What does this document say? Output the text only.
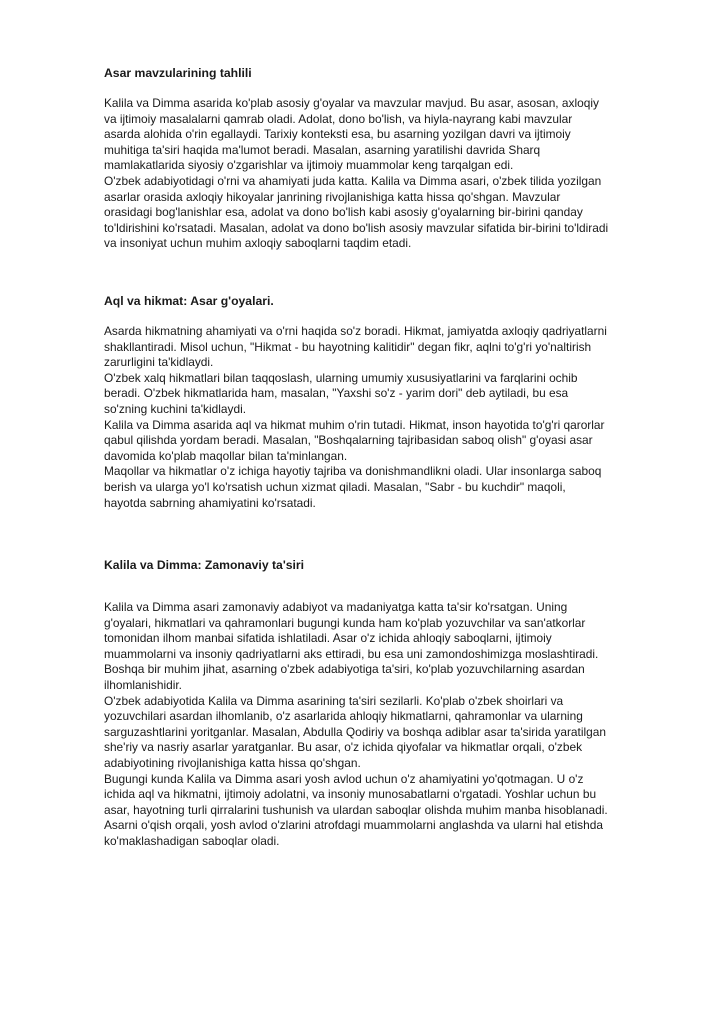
Asar mavzularining tahlili

Kalila va Dimma asarida ko'plab asosiy g'oyalar va mavzular mavjud. Bu asar, asosan, axloqiy
va ijtimoiy masalalarni qamrab oladi. Adolat, dono bo'lish, va hiyla-nayrang kabi mavzular
asarda alohida o'rin egallaydi. Tarixiy konteksti esa, bu asarning yozilgan davri va ijtimoiy
muhitiga ta'siri haqida ma'lumot beradi. Masalan, asarning yaratilishi davrida Sharq
mamlakatlarida siyosiy o'zgarishlar va ijtimoiy muammolar keng tarqalgan edi.
O'zbek adabiyotidagi o'rni va ahamiyati juda katta. Kalila va Dimma asari, o'zbek tilida yozilgan
asarlar orasida axloqiy hikoyalar janrining rivojlanishiga katta hissa qo'shgan. Mavzular
orasidagi bog'lanishlar esa, adolat va dono bo'lish kabi asosiy g'oyalarning bir-birini qanday
to'ldirishini ko'rsatadi. Masalan, adolat va dono bo'lish asosiy mavzular sifatida bir-birini to'ldiradi
va insoniyat uchun muhim axloqiy saboqlarni taqdim etadi.

Aql va hikmat: Asar g'oyalari.

Asarda hikmatning ahamiyati va o'rni haqida so'z boradi. Hikmat, jamiyatda axloqiy qadriyatlarni
shakllantiradi. Misol uchun, "Hikmat - bu hayotning kalitidir" degan fikr, aqlni to'g'ri yo'naltirish
zarurligini ta'kidlaydi.
O'zbek xalq hikmatlari bilan taqqoslash, ularning umumiy xususiyatlarini va farqlarini ochib
beradi. O'zbek hikmatlarida ham, masalan, "Yaxshi so'z - yarim dori" deb aytiladi, bu esa
so'zning kuchini ta'kidlaydi.
Kalila va Dimma asarida aql va hikmat muhim o'rin tutadi. Hikmat, inson hayotida to'g'ri qarorlar
qabul qilishda yordam beradi. Masalan, "Boshqalarning tajribasidan saboq olish" g'oyasi asar
davomida ko'plab maqollar bilan ta'minlangan.
Maqollar va hikmatlar o'z ichiga hayotiy tajriba va donishmandlikni oladi. Ular insonlarga saboq
berish va ularga yo'l ko'rsatish uchun xizmat qiladi. Masalan, "Sabr - bu kuchdir" maqoli,
hayotda sabrning ahamiyatini ko'rsatadi.

Kalila va Dimma: Zamonaviy ta'siri

Kalila va Dimma asari zamonaviy adabiyot va madaniyatga katta ta'sir ko'rsatgan. Uning
g'oyalari, hikmatlari va qahramonlari bugungi kunda ham ko'plab yozuvchilar va san'atkorlar
tomonidan ilhom manbai sifatida ishlatiladi. Asar o'z ichida ahloqiy saboqlarni, ijtimoiy
muammolarni va insoniy qadriyatlarni aks ettiradi, bu esa uni zamondoshimizga moslashtiradi.
Boshqa bir muhim jihat, asarning o'zbek adabiyotiga ta'siri, ko'plab yozuvchilarning asardan
ilhomlanishidir.
O'zbek adabiyotida Kalila va Dimma asarining ta'siri sezilarli. Ko'plab o'zbek shoirlari va
yozuvchilari asardan ilhomlanib, o'z asarlarida ahloqiy hikmatlarni, qahramonlar va ularning
sarguzashtlarini yoritganlar. Masalan, Abdulla Qodiriy va boshqa adiblar asar ta'sirida yaratilgan
she'riy va nasriy asarlar yaratganlar. Bu asar, o'z ichida qiyofalar va hikmatlar orqali, o'zbek
adabiyotining rivojlanishiga katta hissa qo'shgan.
Bugungi kunda Kalila va Dimma asari yosh avlod uchun o'z ahamiyatini yo'qotmagan. U o'z
ichida aql va hikmatni, ijtimoiy adolatni, va insoniy munosabatlarni o'rgatadi. Yoshlar uchun bu
asar, hayotning turli qirralarini tushunish va ulardan saboqlar olishda muhim manba hisoblanadi.
Asarni o'qish orqali, yosh avlod o'zlarini atrofdagi muammolarni anglashda va ularni hal etishda
ko'maklashadigan saboqlar oladi.
